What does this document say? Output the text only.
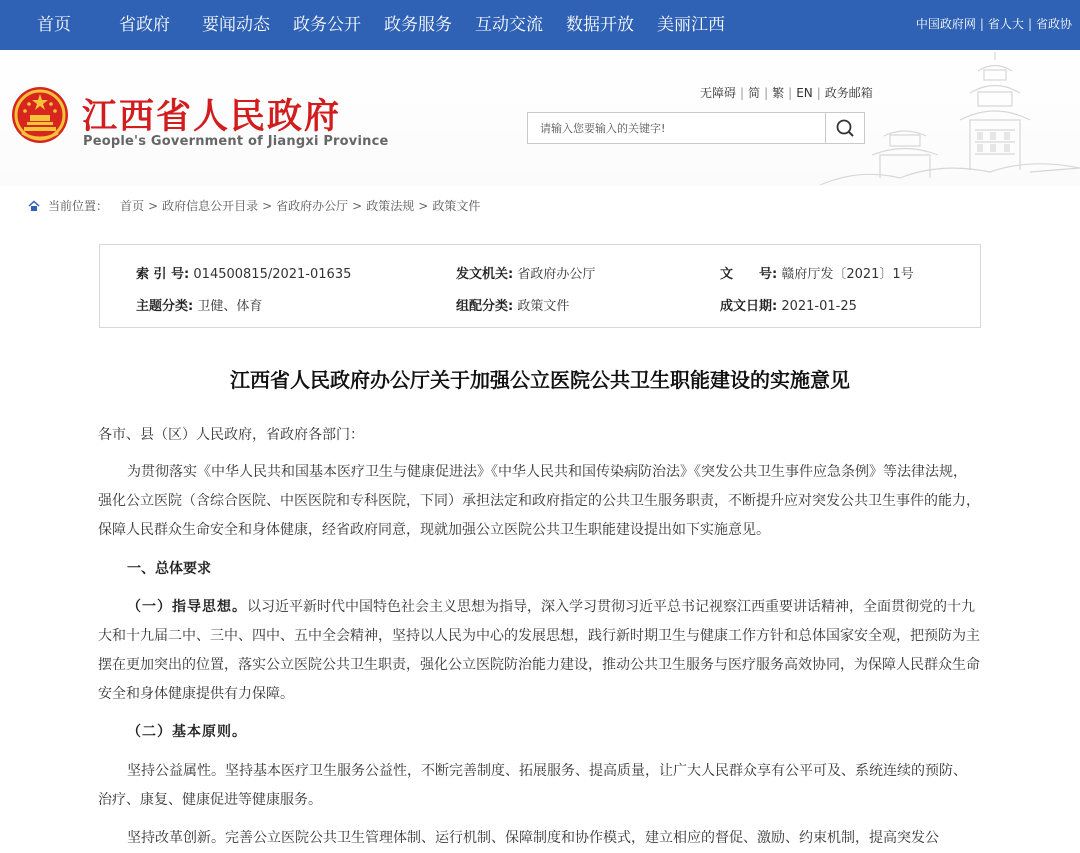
首页	省政府 要闻动态 政务公开 政务服务 互动交流 数据开放 美丽江西	中国政府网 | 省人大 | 省政协
江西省人民政府
People's Government of Jiangxi Province
无障碍 | 简 | 繁 | EN | 政务邮箱
请输入您要输入的关键字!
当前位置： 首页 > 政府信息公开目录 > 省政府办公厅 > 政策法规 > 政策文件
索 引 号: 014500815/2021-01635	发文机关: 省政府办公厅	文　　号: 赣府厅发〔2021〕1号
主题分类: 卫健、体育	组配分类: 政策文件	成文日期: 2021-01-25
江西省人民政府办公厅关于加强公立医院公共卫生职能建设的实施意见
各市、县（区）人民政府，省政府各部门：
为贯彻落实《中华人民共和国基本医疗卫生与健康促进法》《中华人民共和国传染病防治法》《突发公共卫生事件应急条例》等法律法规，强化公立医院（含综合医院、中医医院和专科医院，下同）承担法定和政府指定的公共卫生服务职责，不断提升应对突发公共卫生事件的能力，保障人民群众生命安全和身体健康，经省政府同意，现就加强公立医院公共卫生职能建设提出如下实施意见。
一、总体要求
（一）指导思想。以习近平新时代中国特色社会主义思想为指导，深入学习贯彻习近平总书记视察江西重要讲话精神，全面贯彻党的十九大和十九届二中、三中、四中、五中全会精神，坚持以人民为中心的发展思想，践行新时期卫生与健康工作方针和总体国家安全观，把预防为主摆在更加突出的位置，落实公立医院公共卫生职责，强化公立医院防治能力建设，推动公共卫生服务与医疗服务高效协同，为保障人民群众生命安全和身体健康提供有力保障。
（二）基本原则。
坚持公益属性。坚持基本医疗卫生服务公益性，不断完善制度、拓展服务、提高质量，让广大人民群众享有公平可及、系统连续的预防、治疗、康复、健康促进等健康服务。
坚持改革创新。完善公立医院公共卫生管理体制、运行机制、保障制度和协作模式，建立相应的督促、激励、约束机制，提高突发公
